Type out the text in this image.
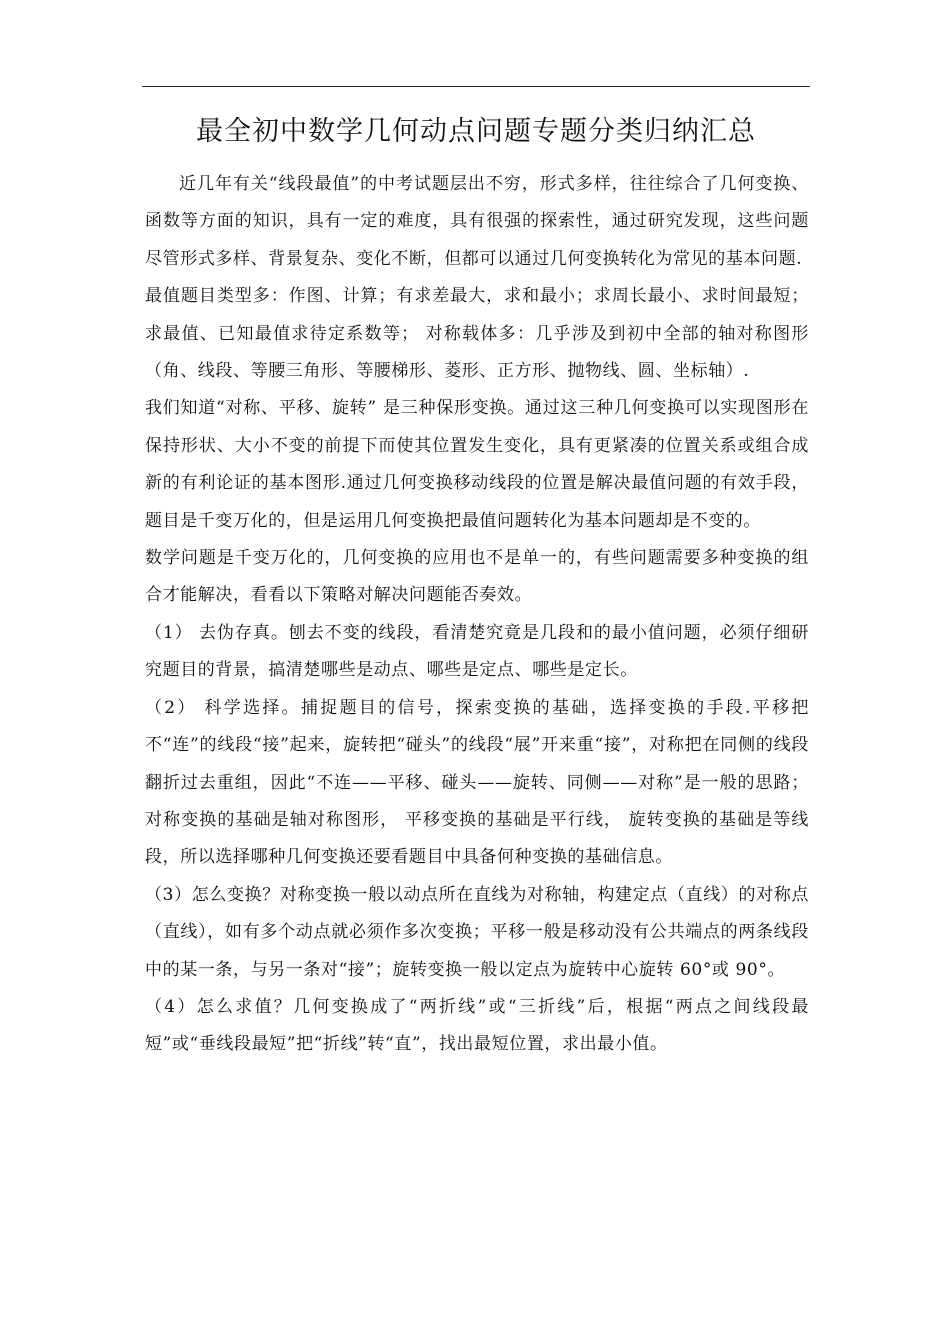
最全初中数学几何动点问题专题分类归纳汇总

近几年有关“线段最值”的中考试题层出不穷，形式多样，往往综合了几何变换、函数等方面的知识，具有一定的难度，具有很强的探索性，通过研究发现，这些问题尽管形式多样、背景复杂、变化不断，但都可以通过几何变换转化为常见的基本问题.

最值题目类型多：作图、计算；有求差最大，求和最小；求周长最小、求时间最短；求最值、已知最值求待定系数等； 对称载体多：几乎涉及到初中全部的轴对称图形（角、线段、等腰三角形、等腰梯形、菱形、正方形、抛物线、圆、坐标轴）.

我们知道“对称、平移、旋转” 是三种保形变换。通过这三种几何变换可以实现图形在保持形状、大小不变的前提下而使其位置发生变化，具有更紧凑的位置关系或组合成新的有利论证的基本图形.通过几何变换移动线段的位置是解决最值问题的有效手段，题目是千变万化的，但是运用几何变换把最值问题转化为基本问题却是不变的。

数学问题是千变万化的，几何变换的应用也不是单一的，有些问题需要多种变换的组合才能解决，看看以下策略对解决问题能否奏效。

（1） 去伪存真。刨去不变的线段，看清楚究竟是几段和的最小值问题，必须仔细研究题目的背景，搞清楚哪些是动点、哪些是定点、哪些是定长。

（2） 科学选择。捕捉题目的信号，探索变换的基础，选择变换的手段.平移把不“连”的线段“接”起来，旋转把“碰头”的线段“展”开来重“接”，对称把在同侧的线段翻折过去重组，因此“不连——平移、碰头——旋转、同侧——对称”是一般的思路；对称变换的基础是轴对称图形， 平移变换的基础是平行线， 旋转变换的基础是等线段，所以选择哪种几何变换还要看题目中具备何种变换的基础信息。

（3）怎么变换？对称变换一般以动点所在直线为对称轴，构建定点（直线）的对称点（直线），如有多个动点就必须作多次变换；平移一般是移动没有公共端点的两条线段中的某一条，与另一条对“接”；旋转变换一般以定点为旋转中心旋转 60°或 90°。

（4）怎么求值？几何变换成了“两折线”或“三折线”后，根据“两点之间线段最短”或“垂线段最短”把“折线”转“直”，找出最短位置，求出最小值。
